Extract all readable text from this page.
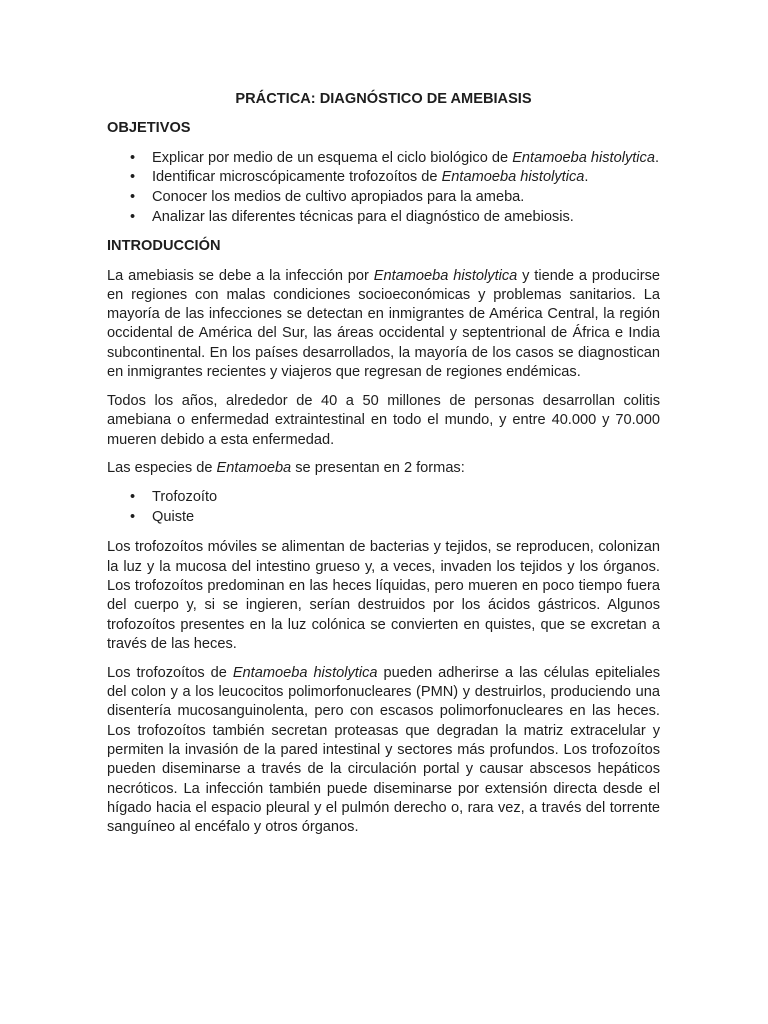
PRÁCTICA: DIAGNÓSTICO DE AMEBIASIS
OBJETIVOS
• Explicar por medio de un esquema el ciclo biológico de Entamoeba histolytica.
• Identificar microscópicamente trofozoítos de Entamoeba histolytica.
• Conocer los medios de cultivo apropiados para la ameba.
• Analizar las diferentes técnicas para el diagnóstico de amebiosis.
INTRODUCCIÓN

La amebiasis se debe a la infección por Entamoeba histolytica y tiende a producirse en regiones con malas condiciones socioeconómicas y problemas sanitarios. La mayoría de las infecciones se detectan en inmigrantes de América Central, la región occidental de América del Sur, las áreas occidental y septentrional de África e India subcontinental. En los países desarrollados, la mayoría de los casos se diagnostican en inmigrantes recientes y viajeros que regresan de regiones endémicas.

Todos los años, alrededor de 40 a 50 millones de personas desarrollan colitis amebiana o enfermedad extraintestinal en todo el mundo, y entre 40.000 y 70.000 mueren debido a esta enfermedad.

Las especies de Entamoeba se presentan en 2 formas:

• Trofozoíto
• Quiste

Los trofozoítos móviles se alimentan de bacterias y tejidos, se reproducen, colonizan la luz y la mucosa del intestino grueso y, a veces, invaden los tejidos y los órganos. Los trofozoítos predominan en las heces líquidas, pero mueren en poco tiempo fuera del cuerpo y, si se ingieren, serían destruidos por los ácidos gástricos. Algunos trofozoítos presentes en la luz colónica se convierten en quistes, que se excretan a través de las heces.

Los trofozoítos de Entamoeba histolytica pueden adherirse a las células epiteliales del colon y a los leucocitos polimorfonucleares (PMN) y destruirlos, produciendo una disentería mucosanguinolenta, pero con escasos polimorfonucleares en las heces. Los trofozoítos también secretan proteasas que degradan la matriz extracelular y permiten la invasión de la pared intestinal y sectores más profundos. Los trofozoítos pueden diseminarse a través de la circulación portal y causar abscesos hepáticos necróticos. La infección también puede diseminarse por extensión directa desde el hígado hacia el espacio pleural y el pulmón derecho o, rara vez, a través del torrente sanguíneo al encéfalo y otros órganos.
